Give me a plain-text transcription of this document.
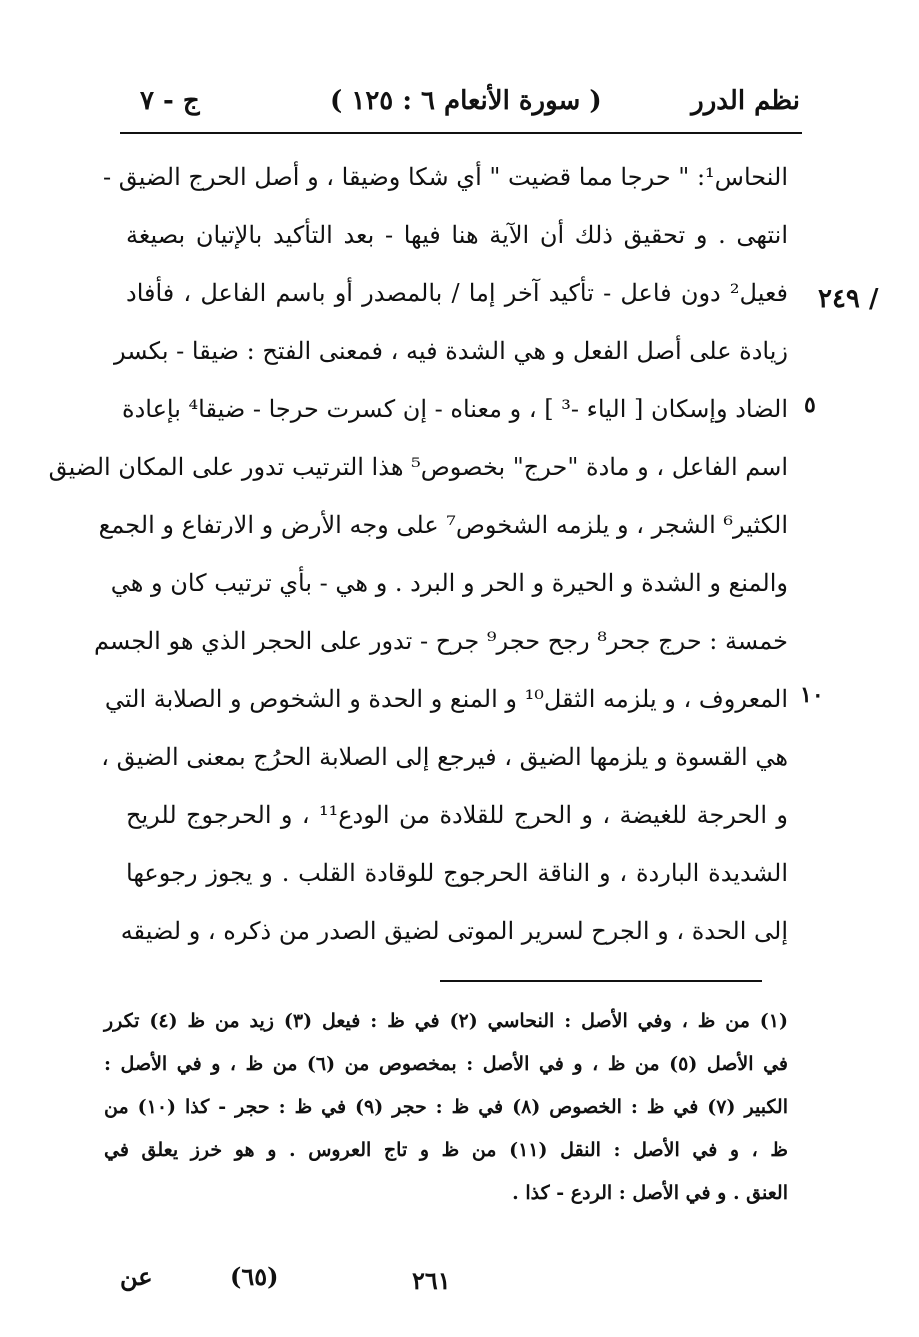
نظم الدرر
( سورة الأنعام ٦ : ١٢٥ )
ج - ٧
٢٤٩ /
٥
١٠
النحاس¹: " حرجا مما قضيت " أي شكا وضيقا ، و أصل الحرج الضيق -
انتهى . و تحقيق ذلك أن الآية هنا فيها - بعد التأكيد بالإتيان بصيغة
فعيل² دون فاعل - تأكيد آخر إما / بالمصدر أو باسم الفاعل ، فأفاد
زيادة على أصل الفعل و هي الشدة فيه ، فمعنى الفتح : ضيقا - بكسر
الضاد وإسكان [ الياء -³ ] ، و معناه - إن كسرت حرجا - ضيقا⁴ بإعادة
اسم الفاعل ، و مادة "حرج" بخصوص⁵ هذا الترتيب تدور على المكان الضيق
الكثير⁶ الشجر ، و يلزمه الشخوص⁷ على وجه الأرض و الارتفاع و الجمع
والمنع و الشدة و الحيرة و الحر و البرد . و هي - بأي ترتيب كان و هي
خمسة : حرج جحر⁸ رجح حجر⁹ جرح - تدور على الحجر الذي هو الجسم
المعروف ، و يلزمه الثقل¹⁰ و المنع و الحدة و الشخوص و الصلابة التي
هي القسوة و يلزمها الضيق ، فيرجع إلى الصلابة الحرُج بمعنى الضيق ،
و الحرجة للغيضة ، و الحرج للقلادة من الودع¹¹ ، و الحرجوج للريح
الشديدة الباردة ، و الناقة الحرجوج للوقادة القلب . و يجوز رجوعها
إلى الحدة ، و الجرح لسرير الموتى لضيق الصدر من ذكره ، و لضيقه
(١) من ظ ، وفي الأصل : النحاسي (٢) في ظ : فيعل (٣) زيد من ظ (٤) تكرر
في الأصل (٥) من ظ ، و في الأصل : بمخصوص من (٦) من ظ ، و في الأصل :
الكبير (٧) في ظ : الخصوص (٨) في ظ : حجر (٩) في ظ : حجر - كذا (١٠) من
ظ ، و في الأصل : النقل (١١) من ظ و تاج العروس . و هو خرز يعلق في
العنق . و في الأصل : الردع - كذا .
عن	(٦٥)	٢٦١
